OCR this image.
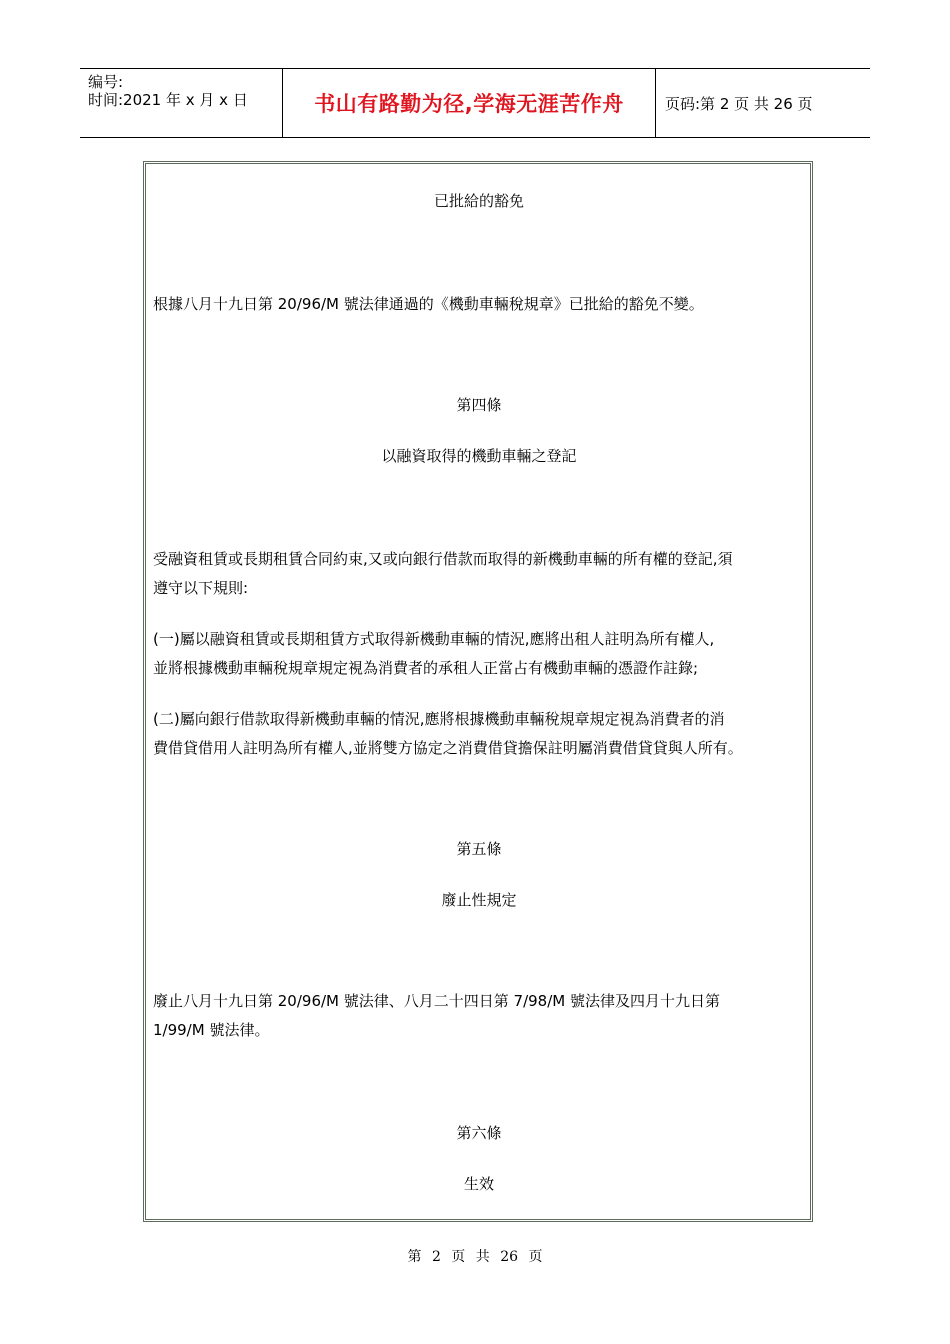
编号:
时间:2021 年 x 月 x 日	书山有路勤为径,学海无涯苦作舟	页码:第 2 页 共 26 页
已批給的豁免
根據八月十九日第 20/96/M 號法律通過的《機動車輛稅規章》已批給的豁免不變。
第四條
以融資取得的機動車輛之登記
受融資租賃或長期租賃合同約束,又或向銀行借款而取得的新機動車輛的所有權的登記,須
遵守以下規則:
(一)屬以融資租賃或長期租賃方式取得新機動車輛的情況,應將出租人註明為所有權人,
並將根據機動車輛稅規章規定視為消費者的承租人正當占有機動車輛的憑證作註錄;
(二)屬向銀行借款取得新機動車輛的情況,應將根據機動車輛稅規章規定視為消費者的消
費借貸借用人註明為所有權人,並將雙方協定之消費借貸擔保註明屬消費借貸貸與人所有。
第五條
廢止性規定
廢止八月十九日第 20/96/M 號法律、八月二十四日第 7/98/M 號法律及四月十九日第
1/99/M 號法律。
第六條
生效
第 2 页 共 26 页
